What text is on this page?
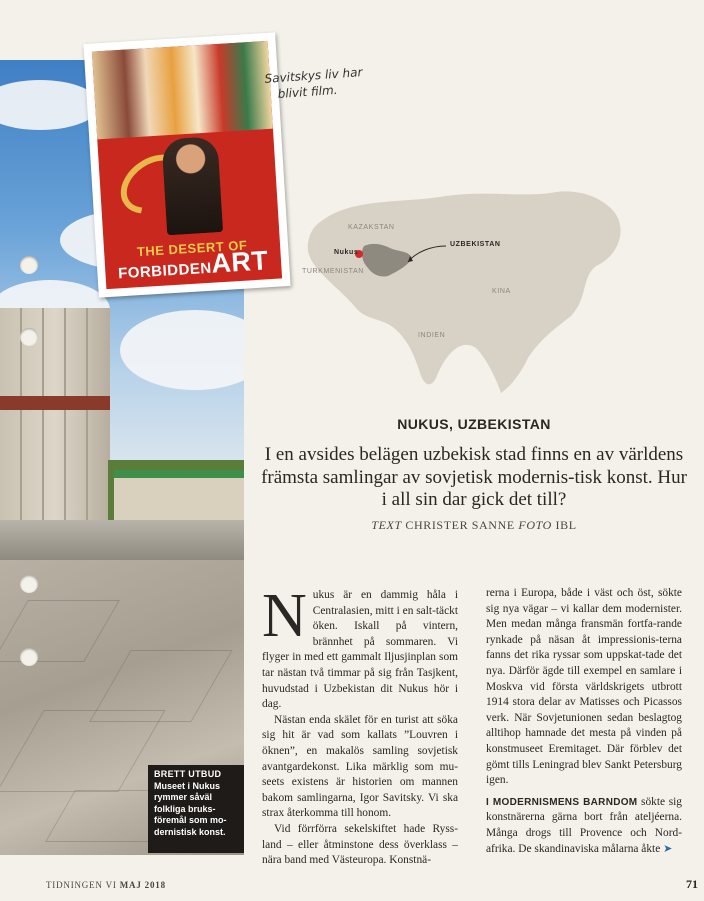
BRETT UTBUD
Museet i Nukus rymmer såväl folkliga bruks-föremål som mo-dernistisk konst.
THE DESERT OF
FORBIDDENART
Savitskys liv har
blivit film.
KAZAKSTAN
Nukus
UZBEKISTAN
TURKMENISTAN
KINA
INDIEN
NUKUS, UZBEKISTAN
I en avsides belägen uzbekisk stad finns en av världens främsta samlingar av sovjetisk modernis-tisk konst. Hur i all sin dar gick det till?
TEXT CHRISTER SANNE FOTO IBL

Nukus är en dammig håla i Centralasien, mitt i en salt-täckt öken. Iskall på vintern, brännhet på sommaren. Vi flyger in med ett gammalt Iljusjinplan som tar nästan två timmar på sig från Tasjkent, huvudstad i Uzbekistan dit Nukus hör i dag.

Nästan enda skälet för en turist att söka sig hit är vad som kallats ”Louvren i öknen”, en makalös samling sovjetisk avantgardekonst. Lika märklig som mu-seets existens är historien om mannen bakom samlingarna, Igor Savitsky. Vi ska strax återkomma till honom.

Vid förrförra sekelskiftet hade Ryss-land – eller åtminstone dess överklass – nära band med Västeuropa. Konstnä-

rerna i Europa, både i väst och öst, sökte sig nya vägar – vi kallar dem modernister. Men medan många fransmän fortfa-rande rynkade på näsan åt impressionis-terna fanns det rika ryssar som uppskat-tade det nya. Därför ägde till exempel en samlare i Moskva vid första världskrigets utbrott 1914 stora delar av Matisses och Picassos verk. När Sovjetunionen sedan beslagtog alltihop hamnade det mesta på vinden på konstmuseet Eremitaget. Där förblev det gömt tills Leningrad blev Sankt Petersburg igen.

I MODERNISMENS BARNDOM sökte sig konstnärerna gärna bort från ateljéerna. Många drogs till Provence och Nord-afrika. De skandinaviska målarna åkte ➤

TIDNINGEN VI MAJ 2018	71
